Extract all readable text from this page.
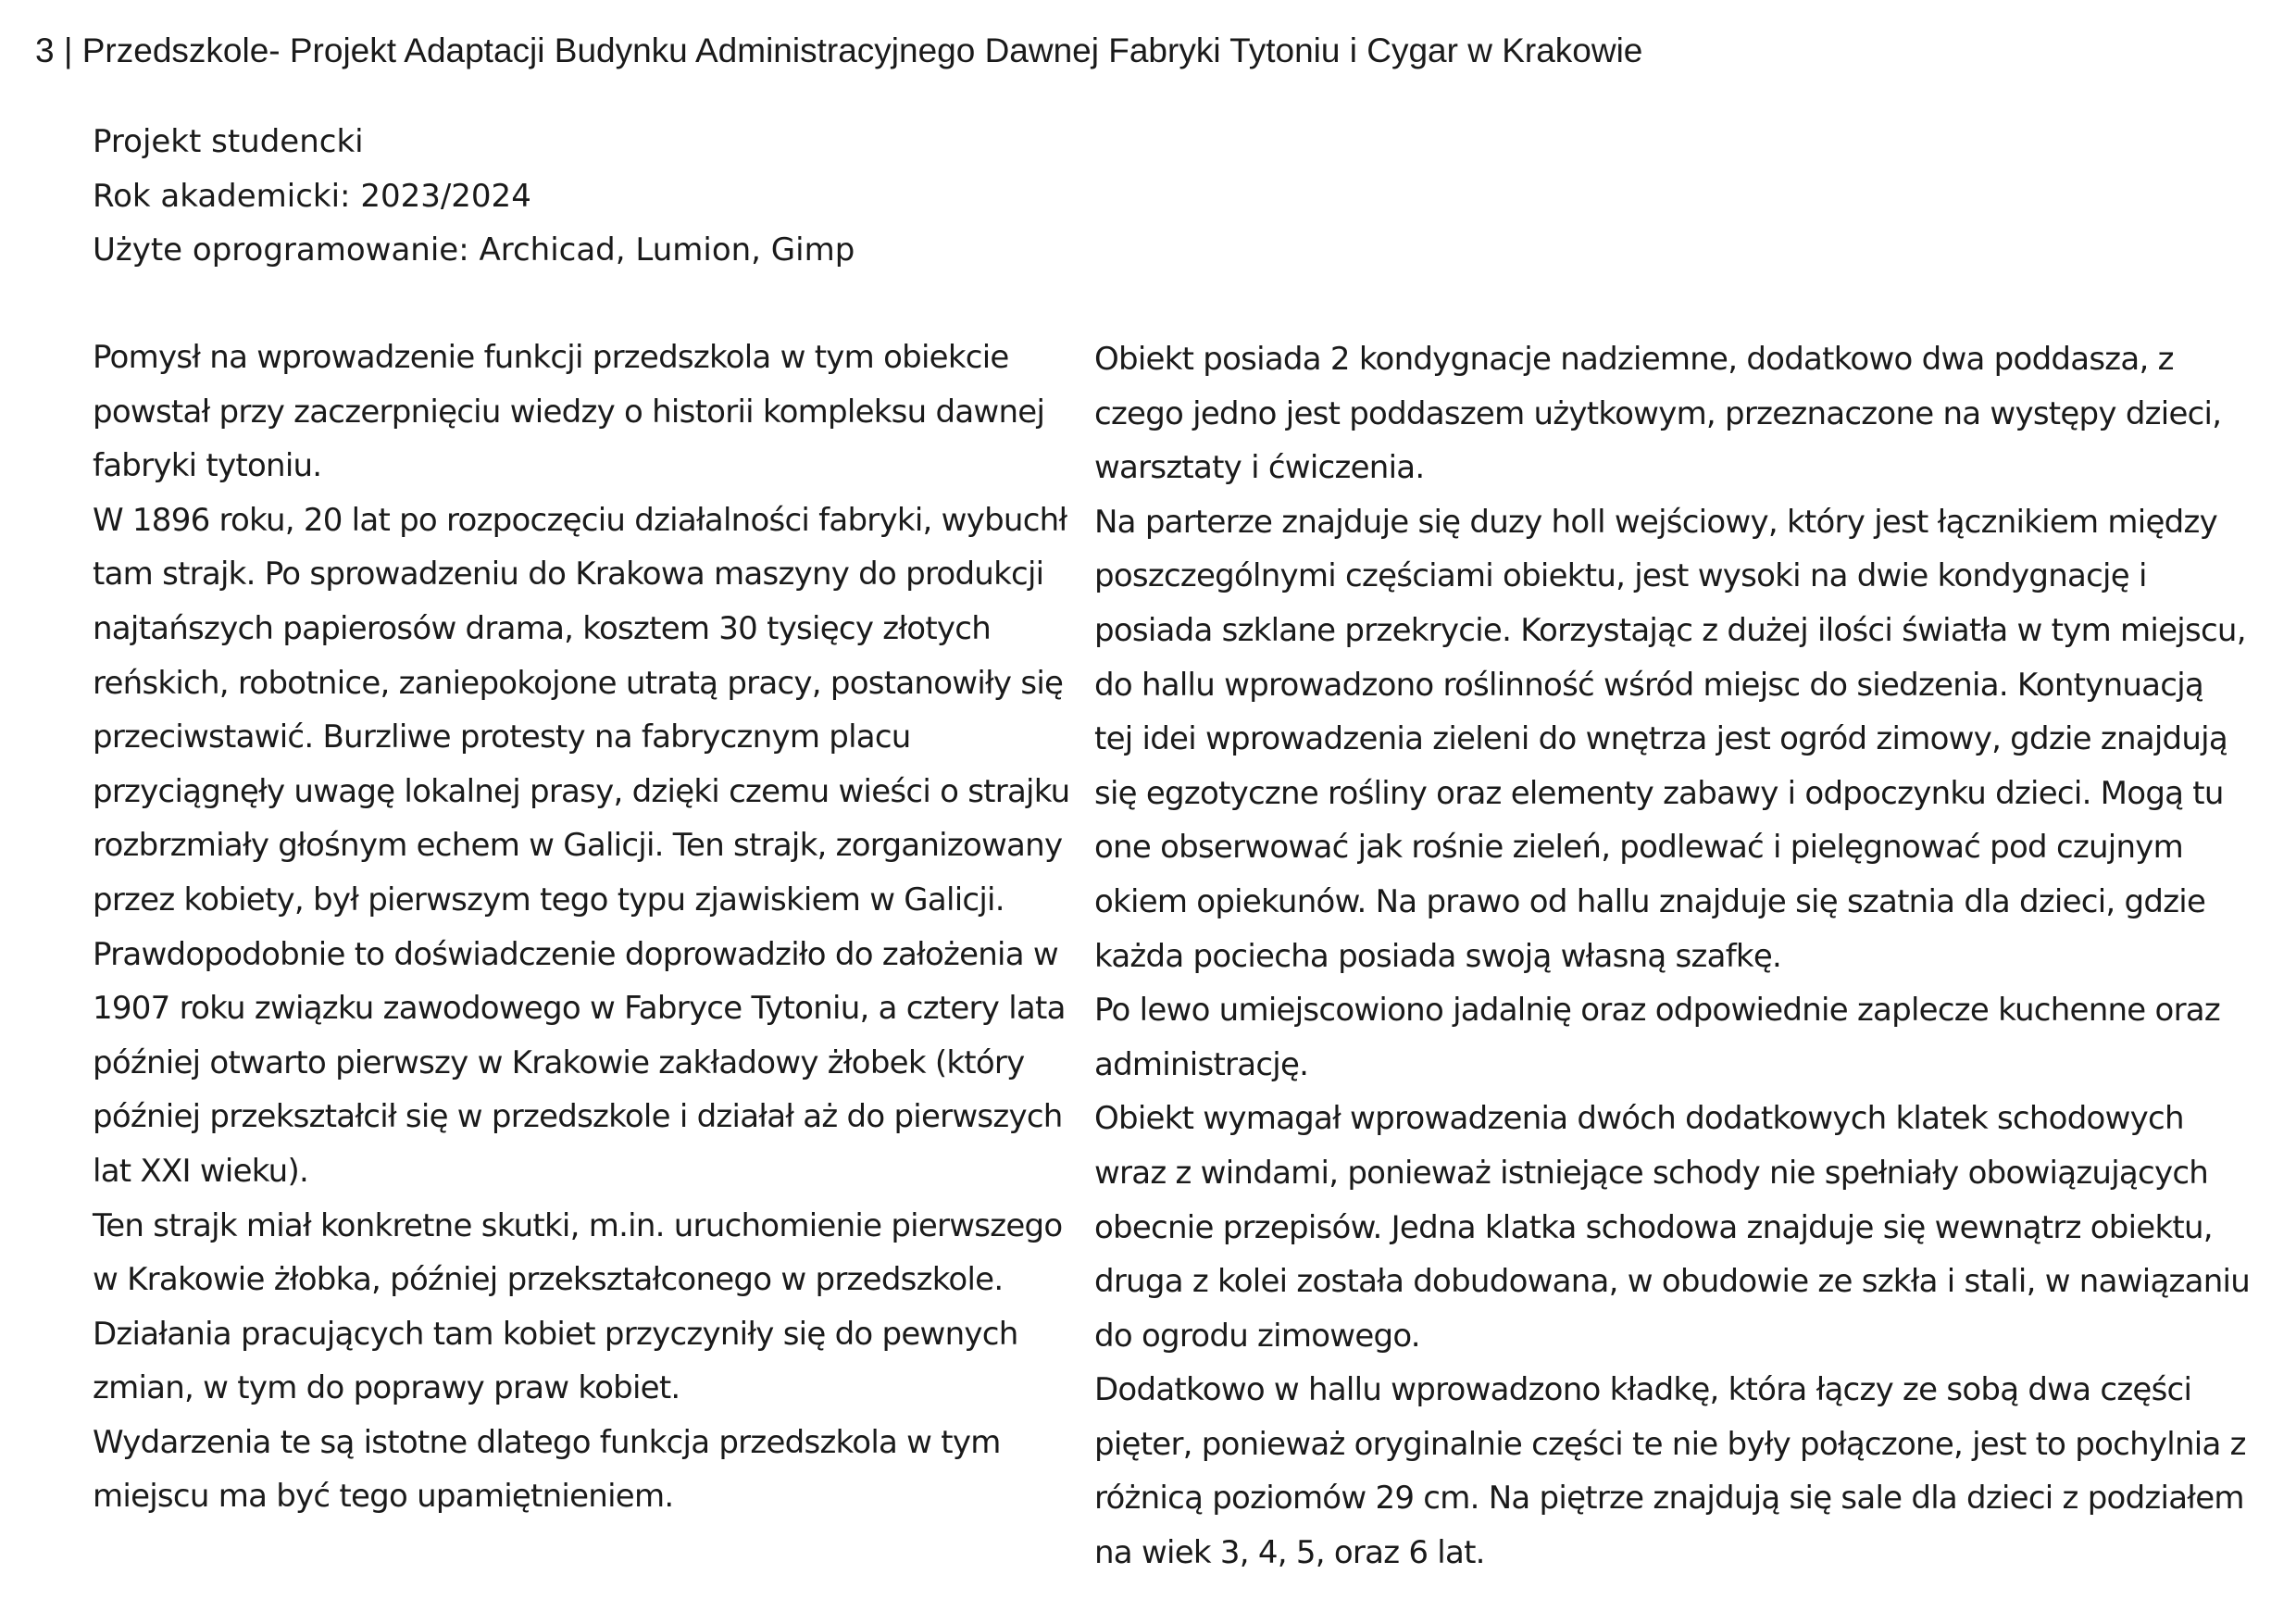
3 | Przedszkole- Projekt Adaptacji Budynku Administracyjnego Dawnej Fabryki Tytoniu i Cygar w Krakowie
Projekt studencki
Rok akademicki: 2023/2024
Użyte oprogramowanie: Archicad, Lumion, Gimp
Pomysł na wprowadzenie funkcji przedszkola w tym obiekcie
powstał przy zaczerpnięciu wiedzy o historii kompleksu dawnej
fabryki tytoniu.
W 1896 roku, 20 lat po rozpoczęciu działalności fabryki, wybuchł
tam strajk. Po sprowadzeniu do Krakowa maszyny do produkcji
najtańszych papierosów drama, kosztem 30 tysięcy złotych
reńskich, robotnice, zaniepokojone utratą pracy, postanowiły się
przeciwstawić. Burzliwe protesty na fabrycznym placu
przyciągnęły uwagę lokalnej prasy, dzięki czemu wieści o strajku
rozbrzmiały głośnym echem w Galicji. Ten strajk, zorganizowany
przez kobiety, był pierwszym tego typu zjawiskiem w Galicji.
Prawdopodobnie to doświadczenie doprowadziło do założenia w
1907 roku związku zawodowego w Fabryce Tytoniu, a cztery lata
później otwarto pierwszy w Krakowie zakładowy żłobek (który
później przekształcił się w przedszkole i działał aż do pierwszych
lat XXI wieku).
Ten strajk miał konkretne skutki, m.in. uruchomienie pierwszego
w Krakowie żłobka, później przekształconego w przedszkole.
Działania pracujących tam kobiet przyczyniły się do pewnych
zmian, w tym do poprawy praw kobiet.
Wydarzenia te są istotne dlatego funkcja przedszkola w tym
miejscu ma być tego upamiętnieniem.
Obiekt posiada 2 kondygnacje nadziemne, dodatkowo dwa poddasza, z
czego jedno jest poddaszem użytkowym, przeznaczone na występy dzieci,
warsztaty i ćwiczenia.
Na parterze znajduje się duzy holl wejściowy, który jest łącznikiem między
poszczególnymi częściami obiektu, jest wysoki na dwie kondygnację i
posiada szklane przekrycie. Korzystając z dużej ilości światła w tym miejscu,
do hallu wprowadzono roślinność wśród miejsc do siedzenia. Kontynuacją
tej idei wprowadzenia zieleni do wnętrza jest ogród zimowy, gdzie znajdują
się egzotyczne rośliny oraz elementy zabawy i odpoczynku dzieci. Mogą tu
one obserwować jak rośnie zieleń, podlewać i pielęgnować pod czujnym
okiem opiekunów. Na prawo od hallu znajduje się szatnia dla dzieci, gdzie
każda pociecha posiada swoją własną szafkę.
Po lewo umiejscowiono jadalnię oraz odpowiednie zaplecze kuchenne oraz
administrację.
Obiekt wymagał wprowadzenia dwóch dodatkowych klatek schodowych
wraz z windami, ponieważ istniejące schody nie spełniały obowiązujących
obecnie przepisów. Jedna klatka schodowa znajduje się wewnątrz obiektu,
druga z kolei została dobudowana, w obudowie ze szkła i stali, w nawiązaniu
do ogrodu zimowego.
Dodatkowo w hallu wprowadzono kładkę, która łączy ze sobą dwa części
pięter, ponieważ oryginalnie części te nie były połączone, jest to pochylnia z
różnicą poziomów 29 cm. Na piętrze znajdują się sale dla dzieci z podziałem
na wiek 3, 4, 5, oraz 6 lat.
